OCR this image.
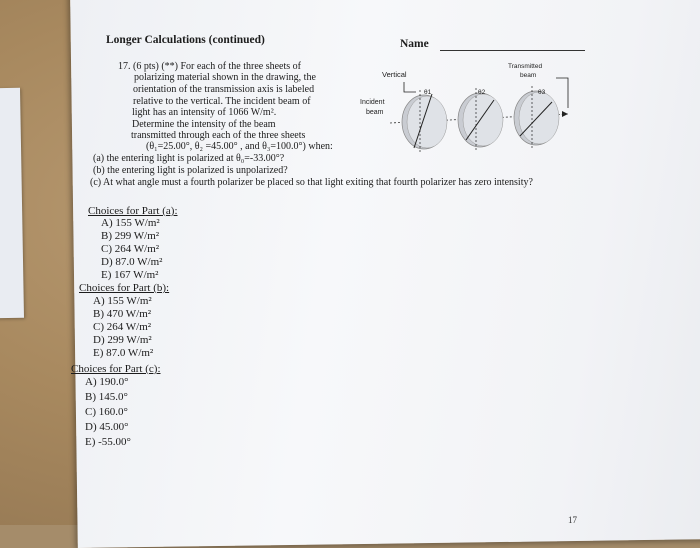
Longer Calculations (continued)	Name
17. (6 pts) (**) For each of the three sheets of
polarizing material shown in the drawing, the
orientation of the transmission axis is labeled
relative to the vertical. The incident beam of
light has an intensity of 1066 W/m².
Determine the intensity of the beam
transmitted through each of the three sheets
(θ₁=25.00°, θ₂ =45.00° , and θ₃=100.0°) when:
(a) the entering light is polarized at θ₀=-33.00°?
(b) the entering light is polarized is unpolarized?
(c) At what angle must a fourth polarizer be placed so that light exiting that fourth polarizer has zero intensity?
Vertical
Transmitted
beam
Incident
beam
θ1	θ2	θ3
Choices for Part (a):
A) 155 W/m²
B) 299 W/m²
C) 264 W/m²
D) 87.0 W/m²
E) 167 W/m²
Choices for Part (b):
A) 155 W/m²
B) 470 W/m²
C) 264 W/m²
D) 299 W/m²
E) 87.0 W/m²
Choices for Part (c):
A) 190.0°
B) 145.0°
C) 160.0°
D) 45.00°
E) -55.00°
17
